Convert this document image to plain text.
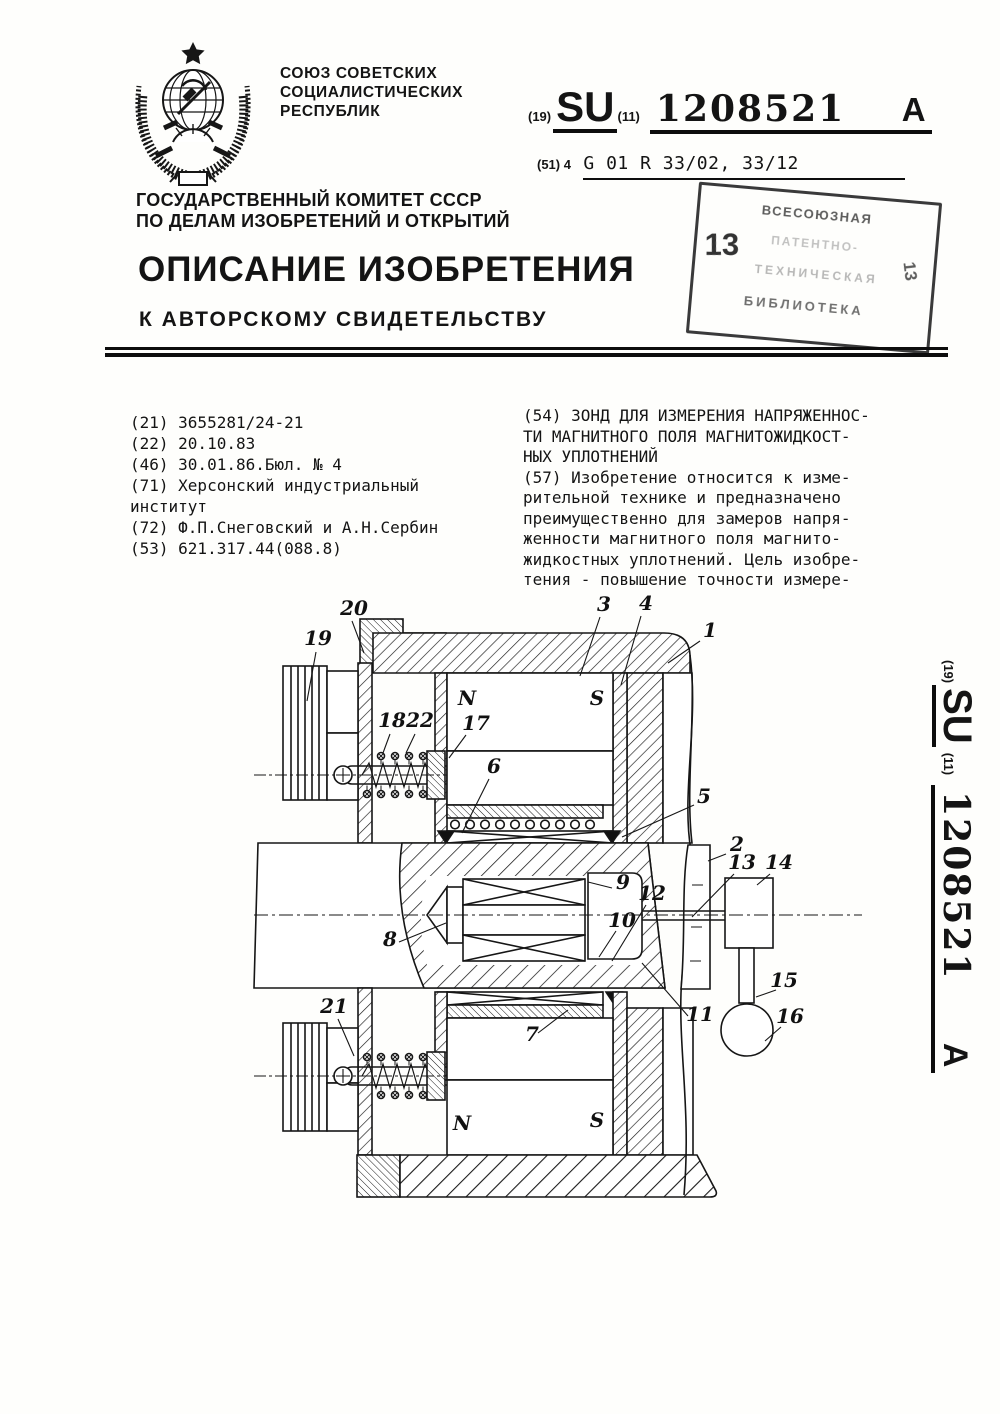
СОЮЗ СОВЕТСКИХ
СОЦИАЛИСТИЧЕСКИХ
РЕСПУБЛИК	(19) SU (11) 1208521 A
(51) 4 G 01 R 33/02, 33/12
ГОСУДАРСТВЕННЫЙ КОМИТЕТ СССР
ПО ДЕЛАМ ИЗОБРЕТЕНИЙ И ОТКРЫТИЙ
ОПИСАНИЕ ИЗОБРЕТЕНИЯ
К АВТОРСКОМУ СВИДЕТЕЛЬСТВУ
13
ВСЕСОЮЗНАЯ
ПАТЕНТНО-
ТЕХНИЧЕСКАЯ 13
БИБЛИОТЕКА
(21) 3655281/24-21
(22) 20.10.83
(46) 30.01.86.Бюл. № 4
(71) Херсонский индустриальный
институт
(72) Ф.П.Снеговский и А.Н.Сербин
(53) 621.317.44(088.8)
(54) ЗОНД ДЛЯ ИЗМЕРЕНИЯ НАПРЯЖЕННОС-
ТИ МАГНИТНОГО ПОЛЯ МАГНИТОЖИДКОСТ-
НЫХ УПЛОТНЕНИЙ
(57) Изобретение относится к изме-
рительной технике и предназначено
преимущественно для замеров напря-
женности магнитного поля магнито-
жидкостных уплотнений. Цель изобре-
тения - повышение точности измере-
1
2
3 4
5
6
7
8
9
10
11
12
13 14
15
16
17
18
19
20
21
22
N	S
N	S
(19)
SU
(11)
1208521 A
